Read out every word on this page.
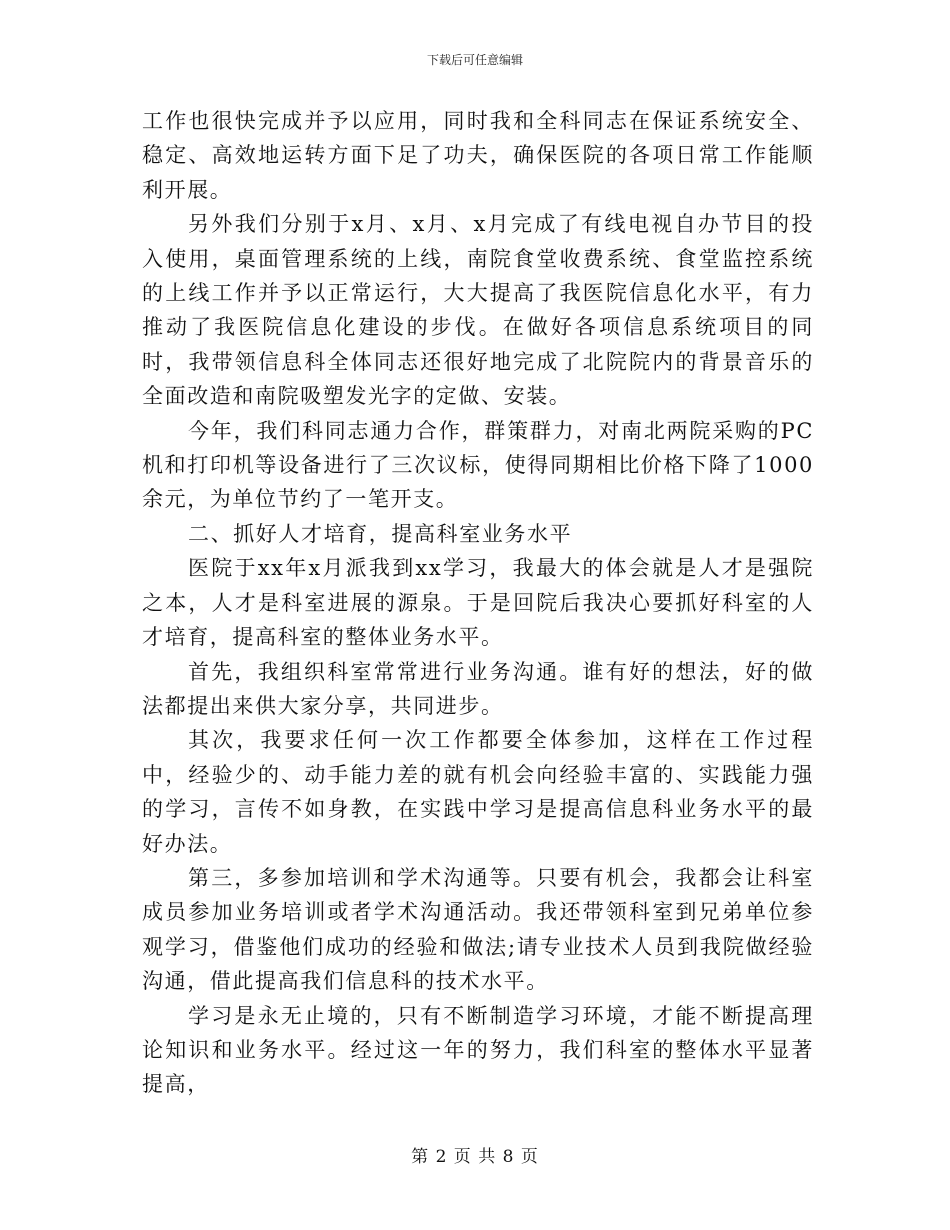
下载后可任意编辑

工作也很快完成并予以应用，同时我和全科同志在保证系统安全、稳定、高效地运转方面下足了功夫，确保医院的各项日常工作能顺利开展。

另外我们分别于x月、x月、x月完成了有线电视自办节目的投入使用，桌面管理系统的上线，南院食堂收费系统、食堂监控系统的上线工作并予以正常运行，大大提高了我医院信息化水平，有力推动了我医院信息化建设的步伐。在做好各项信息系统项目的同时，我带领信息科全体同志还很好地完成了北院院内的背景音乐的全面改造和南院吸塑发光字的定做、安装。

今年，我们科同志通力合作，群策群力，对南北两院采购的PC机和打印机等设备进行了三次议标，使得同期相比价格下降了1000余元，为单位节约了一笔开支。

二、抓好人才培育，提高科室业务水平

医院于xx年x月派我到xx学习，我最大的体会就是人才是强院之本，人才是科室进展的源泉。于是回院后我决心要抓好科室的人才培育，提高科室的整体业务水平。

首先，我组织科室常常进行业务沟通。谁有好的想法，好的做法都提出来供大家分享，共同进步。

其次，我要求任何一次工作都要全体参加，这样在工作过程中，经验少的、动手能力差的就有机会向经验丰富的、实践能力强的学习，言传不如身教，在实践中学习是提高信息科业务水平的最好办法。

第三，多参加培训和学术沟通等。只要有机会，我都会让科室成员参加业务培训或者学术沟通活动。我还带领科室到兄弟单位参观学习，借鉴他们成功的经验和做法;请专业技术人员到我院做经验沟通，借此提高我们信息科的技术水平。

学习是永无止境的，只有不断制造学习环境，才能不断提高理论知识和业务水平。经过这一年的努力，我们科室的整体水平显著提高，

第 2 页 共 8 页
